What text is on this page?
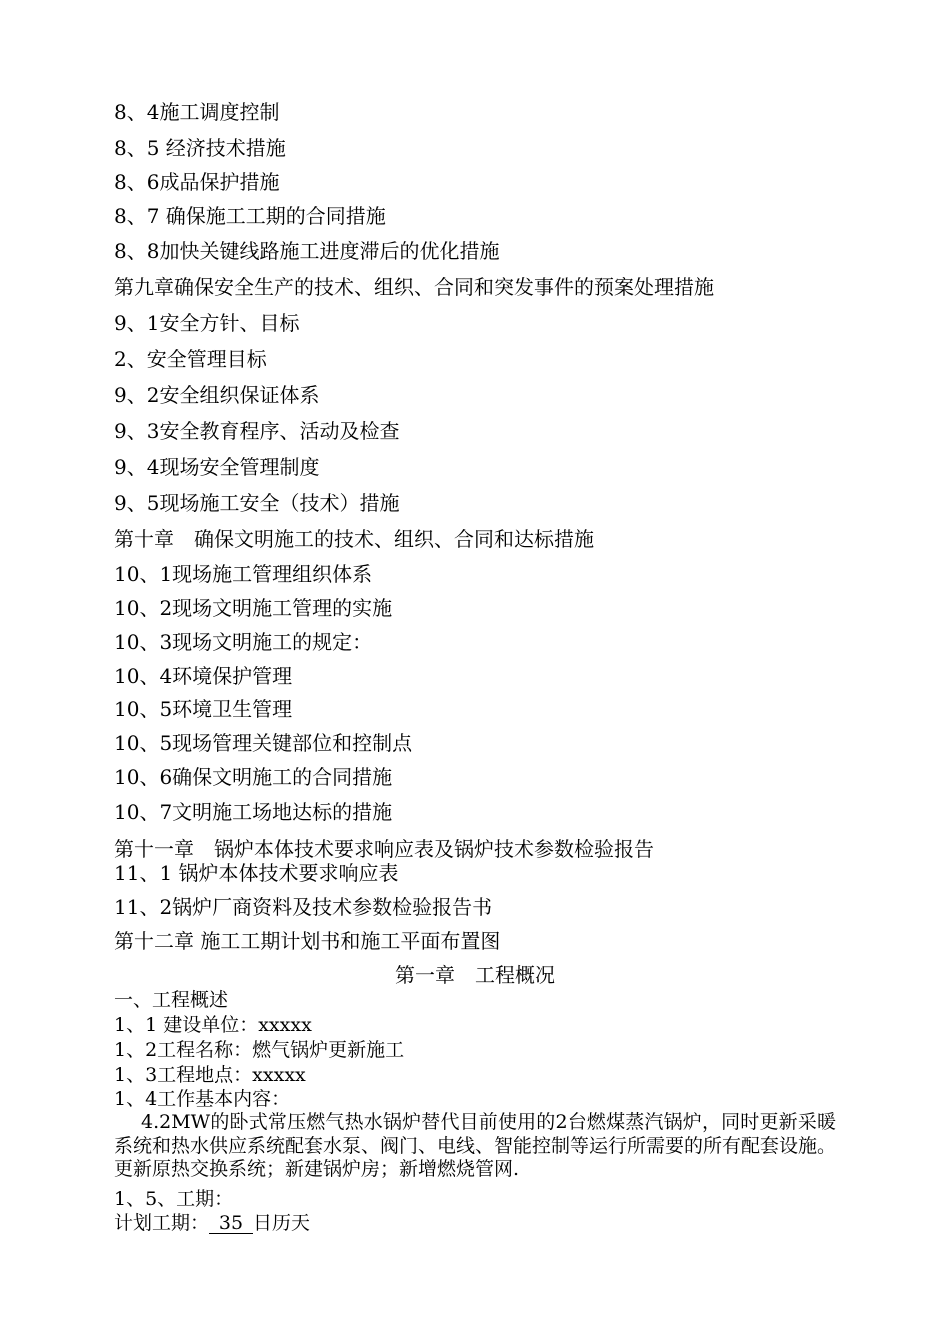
8、4施工调度控制
8、5 经济技术措施
8、6成品保护措施
8、7 确保施工工期的合同措施
8、8加快关键线路施工进度滞后的优化措施
第九章确保安全生产的技术、组织、合同和突发事件的预案处理措施
9、1安全方针、目标
2、安全管理目标
9、2安全组织保证体系
9、3安全教育程序、活动及检查
9、4现场安全管理制度
9、5现场施工安全（技术）措施
第十章　确保文明施工的技术、组织、合同和达标措施
10、1现场施工管理组织体系
10、2现场文明施工管理的实施
10、3现场文明施工的规定：
10、4环境保护管理
10、5环境卫生管理
10、5现场管理关键部位和控制点
10、6确保文明施工的合同措施
10、7文明施工场地达标的措施
第十一章　锅炉本体技术要求响应表及锅炉技术参数检验报告
11、1 锅炉本体技术要求响应表
11、2锅炉厂商资料及技术参数检验报告书
第十二章 施工工期计划书和施工平面布置图
第一章　工程概况
一、工程概述
1、1 建设单位：xxxxx
1、2工程名称：燃气锅炉更新施工
1、3工程地点：xxxxx
1、4工作基本内容：
4.2MW的卧式常压燃气热水锅炉替代目前使用的2台燃煤蒸汽锅炉，同时更新采暖系统和热水供应系统配套水泵、阀门、电线、智能控制等运行所需要的所有配套设施。更新原热交换系统；新建锅炉房；新增燃烧管网.
1、5、工期：
计划工期： 35 日历天
